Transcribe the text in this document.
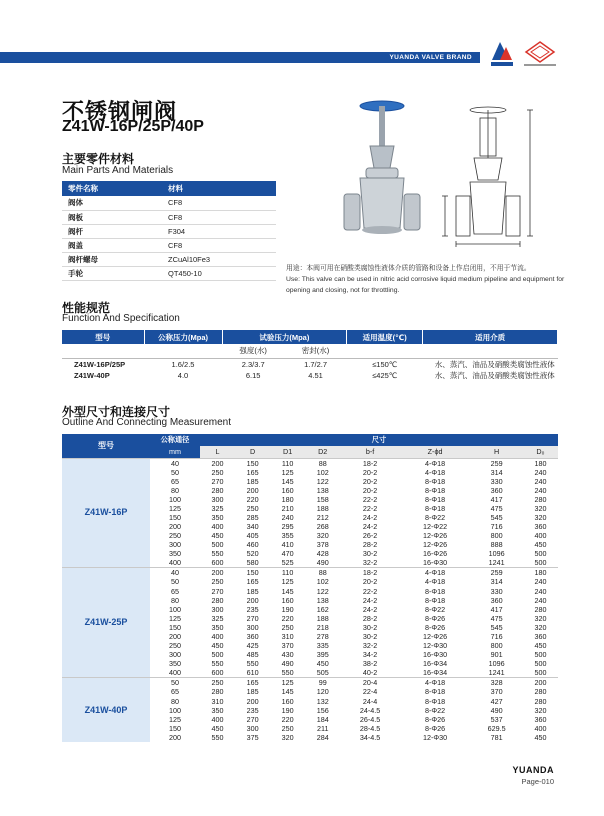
YUANDA VALVE BRAND
不锈钢闸阀
Z41W-16P/25P/40P
主要零件材料
Main Parts And Materials
零件名称	材料
阀体	CF8
阀板	CF8
阀杆	F304
阀盖	CF8
阀杆螺母	ZCuAl10Fe3
手轮	QT450-10	用途：本阀可用在硝酸类腐蚀性液体介质的管路和设备上作启闭用，不用于节流。
Use: This valve can be used in nitric acid corrosive liquid medium pipeline and equipment for opening and closing, not for throttling.
性能规范
Function And Specification
型号	公称压力(Mpa)	试验压力(Mpa)		适用温度(℃)	适用介质
		强度(水)	密封(水)		
Z41W-16P/25P	1.6/2.5	2.3/3.7	1.7/2.7	≤150℃	水、蒸汽、油品及硝酸类腐蚀性液体
Z41W-40P	4.0	6.15	4.51	≤425℃	水、蒸汽、油品及硝酸类腐蚀性液体
外型尺寸和连接尺寸
Outline And Connecting Measurement
型号	公称通径	尺寸							
	mm	L	D	D1	D2	b-f	Z-ϕd	H	D₀
Z41W-16P	40	200	150	110	88	18-2	4-Φ18	259	180
	50	250	165	125	102	20-2	4-Φ18	314	240
	65	270	185	145	122	20-2	8-Φ18	330	240
	80	280	200	160	138	20-2	8-Φ18	360	240
	100	300	220	180	158	22-2	8-Φ18	417	280
	125	325	250	210	188	22-2	8-Φ18	475	320
	150	350	285	240	212	24-2	8-Φ22	545	320
	200	400	340	295	268	24-2	12-Φ22	716	360
	250	450	405	355	320	26-2	12-Φ26	800	400
	300	500	460	410	378	28-2	12-Φ26	888	450
	350	550	520	470	428	30-2	16-Φ26	1096	500
	400	600	580	525	490	32-2	16-Φ30	1241	500
Z41W-25P	40	200	150	110	88	18-2	4-Φ18	259	180
	50	250	165	125	102	20-2	4-Φ18	314	240
	65	270	185	145	122	22-2	8-Φ18	330	240
	80	280	200	160	138	24-2	8-Φ18	360	240
	100	300	235	190	162	24-2	8-Φ22	417	280
	125	325	270	220	188	28-2	8-Φ26	475	320
	150	350	300	250	218	30-2	8-Φ26	545	320
	200	400	360	310	278	30-2	12-Φ26	716	360
	250	450	425	370	335	32-2	12-Φ30	800	450
	300	500	485	430	395	34-2	16-Φ30	901	500
	350	550	550	490	450	38-2	16-Φ34	1096	500
	400	600	610	550	505	40-2	16-Φ34	1241	500
Z41W-40P	50	250	165	125	99	20-4	4-Φ18	328	200
	65	280	185	145	120	22-4	8-Φ18	370	280
	80	310	200	160	132	24-4	8-Φ18	427	280
	100	350	235	190	156	24-4.5	8-Φ22	490	320
	125	400	270	220	184	26-4.5	8-Φ26	537	360
	150	450	300	250	211	28-4.5	8-Φ26	629.5	400
	200	550	375	320	284	34-4.5	12-Φ30	781	450
YUANDA
Page-010
